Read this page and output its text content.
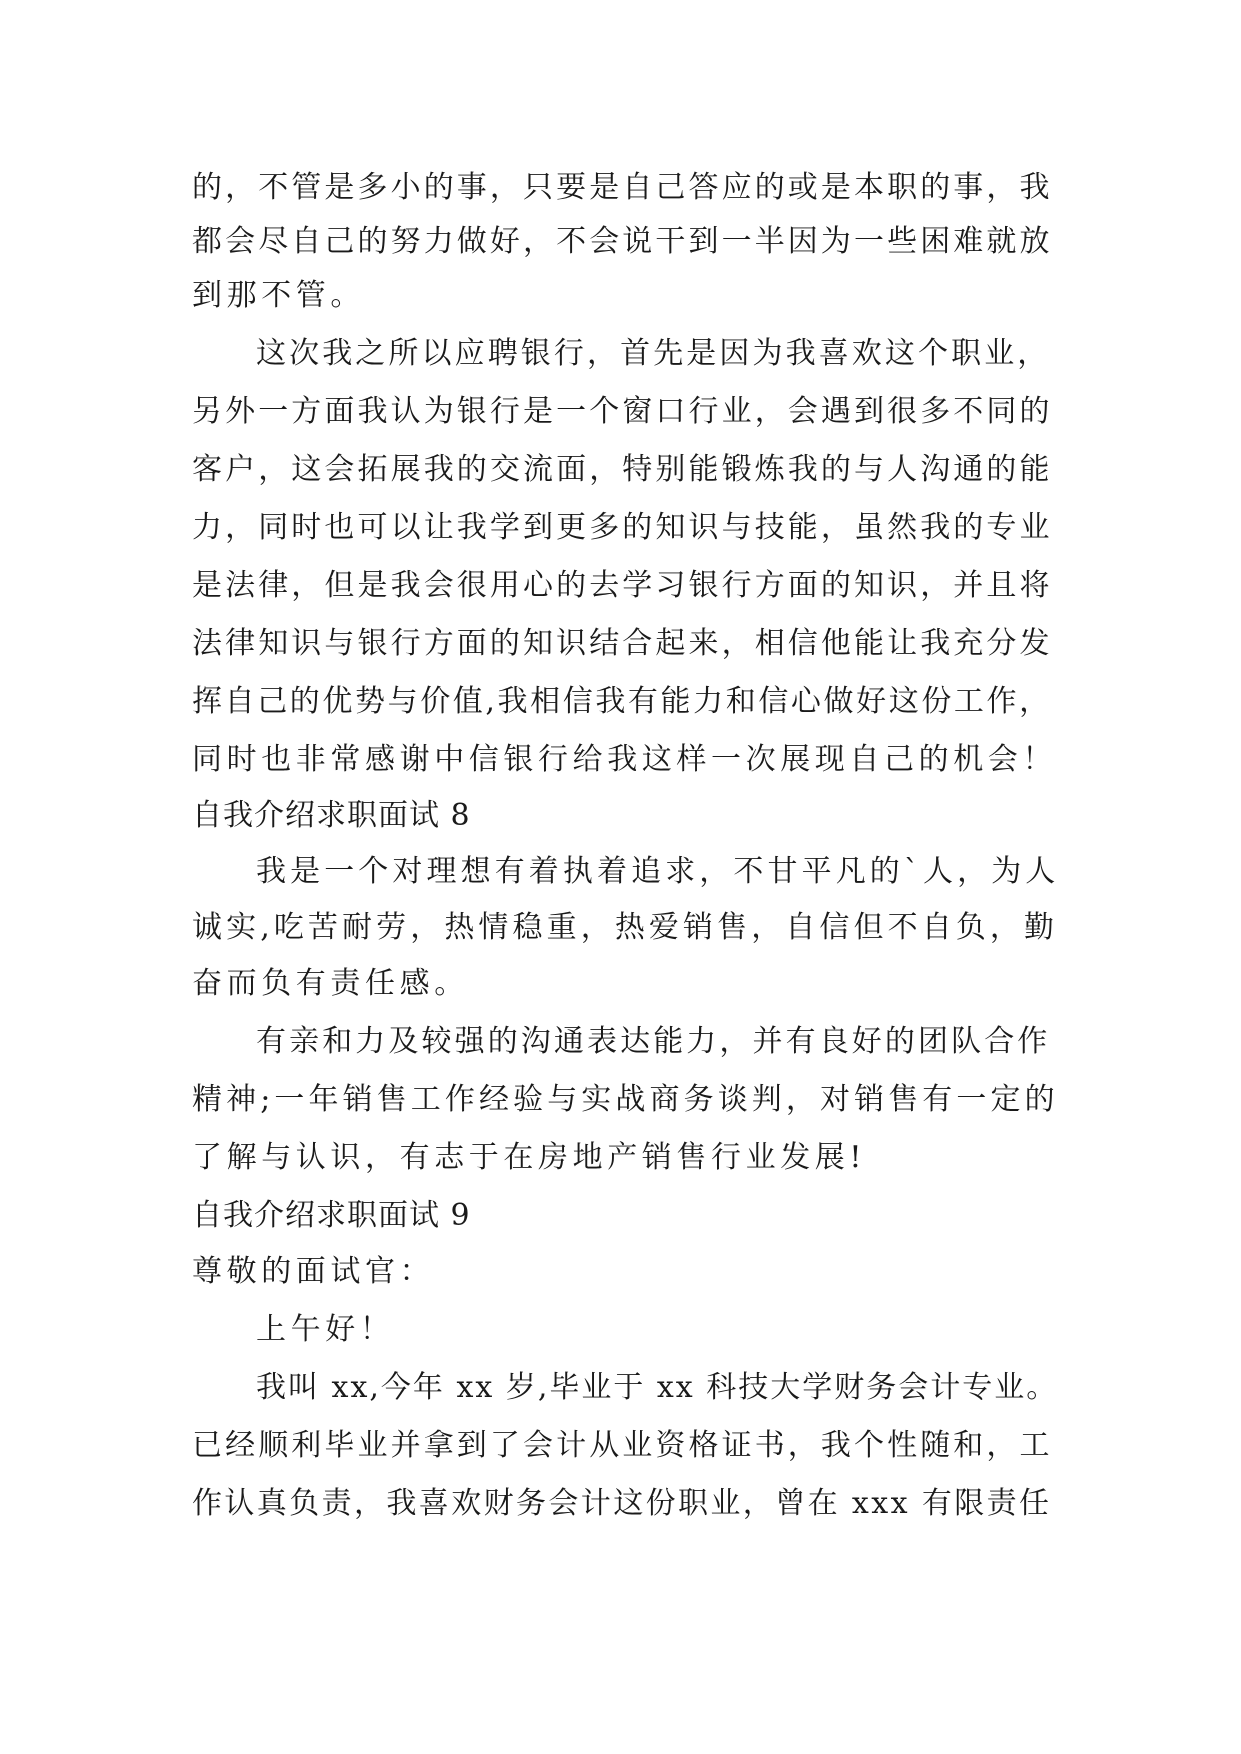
的，不管是多小的事，只要是自己答应的或是本职的事，我
都会尽自己的努力做好，不会说干到一半因为一些困难就放
到那不管。
这次我之所以应聘银行，首先是因为我喜欢这个职业，
另外一方面我认为银行是一个窗口行业，会遇到很多不同的
客户，这会拓展我的交流面，特别能锻炼我的与人沟通的能
力，同时也可以让我学到更多的知识与技能，虽然我的专业
是法律，但是我会很用心的去学习银行方面的知识，并且将
法律知识与银行方面的知识结合起来，相信他能让我充分发
挥自己的优势与价值,我相信我有能力和信心做好这份工作，
同时也非常感谢中信银行给我这样一次展现自己的机会！
自我介绍求职面试 8
我是一个对理想有着执着追求，不甘平凡的`人，为人
诚实,吃苦耐劳，热情稳重，热爱销售，自信但不自负，勤
奋而负有责任感。
有亲和力及较强的沟通表达能力，并有良好的团队合作
精神;一年销售工作经验与实战商务谈判，对销售有一定的
了解与认识，有志于在房地产销售行业发展!
自我介绍求职面试 9
尊敬的面试官：
上午好！
我叫 xx,今年 xx 岁,毕业于 xx 科技大学财务会计专业。
已经顺利毕业并拿到了会计从业资格证书，我个性随和，工
作认真负责，我喜欢财务会计这份职业，曾在 xxx 有限责任
